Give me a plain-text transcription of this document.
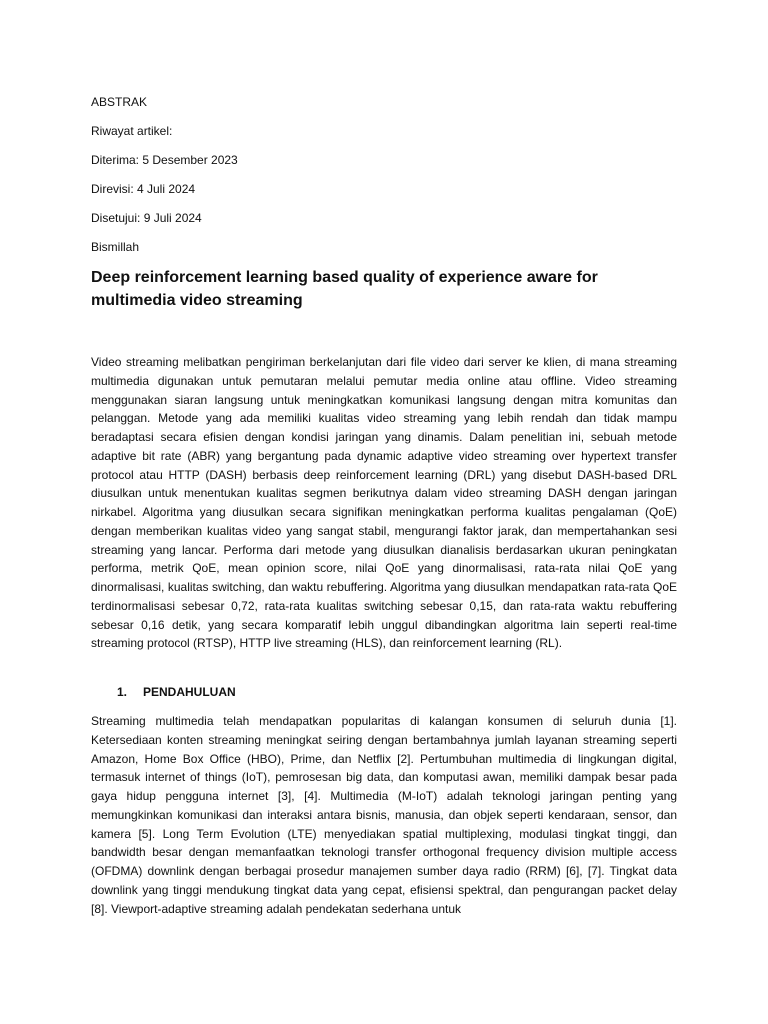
ABSTRAK
Riwayat artikel:
Diterima: 5 Desember 2023
Direvisi: 4 Juli 2024
Disetujui: 9 Juli 2024
Bismillah
Deep reinforcement learning based quality of experience aware for multimedia video streaming

Video streaming melibatkan pengiriman berkelanjutan dari file video dari server ke klien, di mana streaming multimedia digunakan untuk pemutaran melalui pemutar media online atau offline. Video streaming menggunakan siaran langsung untuk meningkatkan komunikasi langsung dengan mitra komunitas dan pelanggan. Metode yang ada memiliki kualitas video streaming yang lebih rendah dan tidak mampu beradaptasi secara efisien dengan kondisi jaringan yang dinamis. Dalam penelitian ini, sebuah metode adaptive bit rate (ABR) yang bergantung pada dynamic adaptive video streaming over hypertext transfer protocol atau HTTP (DASH) berbasis deep reinforcement learning (DRL) yang disebut DASH-based DRL diusulkan untuk menentukan kualitas segmen berikutnya dalam video streaming DASH dengan jaringan nirkabel. Algoritma yang diusulkan secara signifikan meningkatkan performa kualitas pengalaman (QoE) dengan memberikan kualitas video yang sangat stabil, mengurangi faktor jarak, dan mempertahankan sesi streaming yang lancar. Performa dari metode yang diusulkan dianalisis berdasarkan ukuran peningkatan performa, metrik QoE, mean opinion score, nilai QoE yang dinormalisasi, rata-rata nilai QoE yang dinormalisasi, kualitas switching, dan waktu rebuffering. Algoritma yang diusulkan mendapatkan rata-rata QoE terdinormalisasi sebesar 0,72, rata-rata kualitas switching sebesar 0,15, dan rata-rata waktu rebuffering sebesar 0,16 detik, yang secara komparatif lebih unggul dibandingkan algoritma lain seperti real-time streaming protocol (RTSP), HTTP live streaming (HLS), dan reinforcement learning (RL).

1. PENDAHULUAN

Streaming multimedia telah mendapatkan popularitas di kalangan konsumen di seluruh dunia [1]. Ketersediaan konten streaming meningkat seiring dengan bertambahnya jumlah layanan streaming seperti Amazon, Home Box Office (HBO), Prime, dan Netflix [2]. Pertumbuhan multimedia di lingkungan digital, termasuk internet of things (IoT), pemrosesan big data, dan komputasi awan, memiliki dampak besar pada gaya hidup pengguna internet [3], [4]. Multimedia (M-IoT) adalah teknologi jaringan penting yang memungkinkan komunikasi dan interaksi antara bisnis, manusia, dan objek seperti kendaraan, sensor, dan kamera [5]. Long Term Evolution (LTE) menyediakan spatial multiplexing, modulasi tingkat tinggi, dan bandwidth besar dengan memanfaatkan teknologi transfer orthogonal frequency division multiple access (OFDMA) downlink dengan berbagai prosedur manajemen sumber daya radio (RRM) [6], [7]. Tingkat data downlink yang tinggi mendukung tingkat data yang cepat, efisiensi spektral, dan pengurangan packet delay [8]. Viewport-adaptive streaming adalah pendekatan sederhana untuk
